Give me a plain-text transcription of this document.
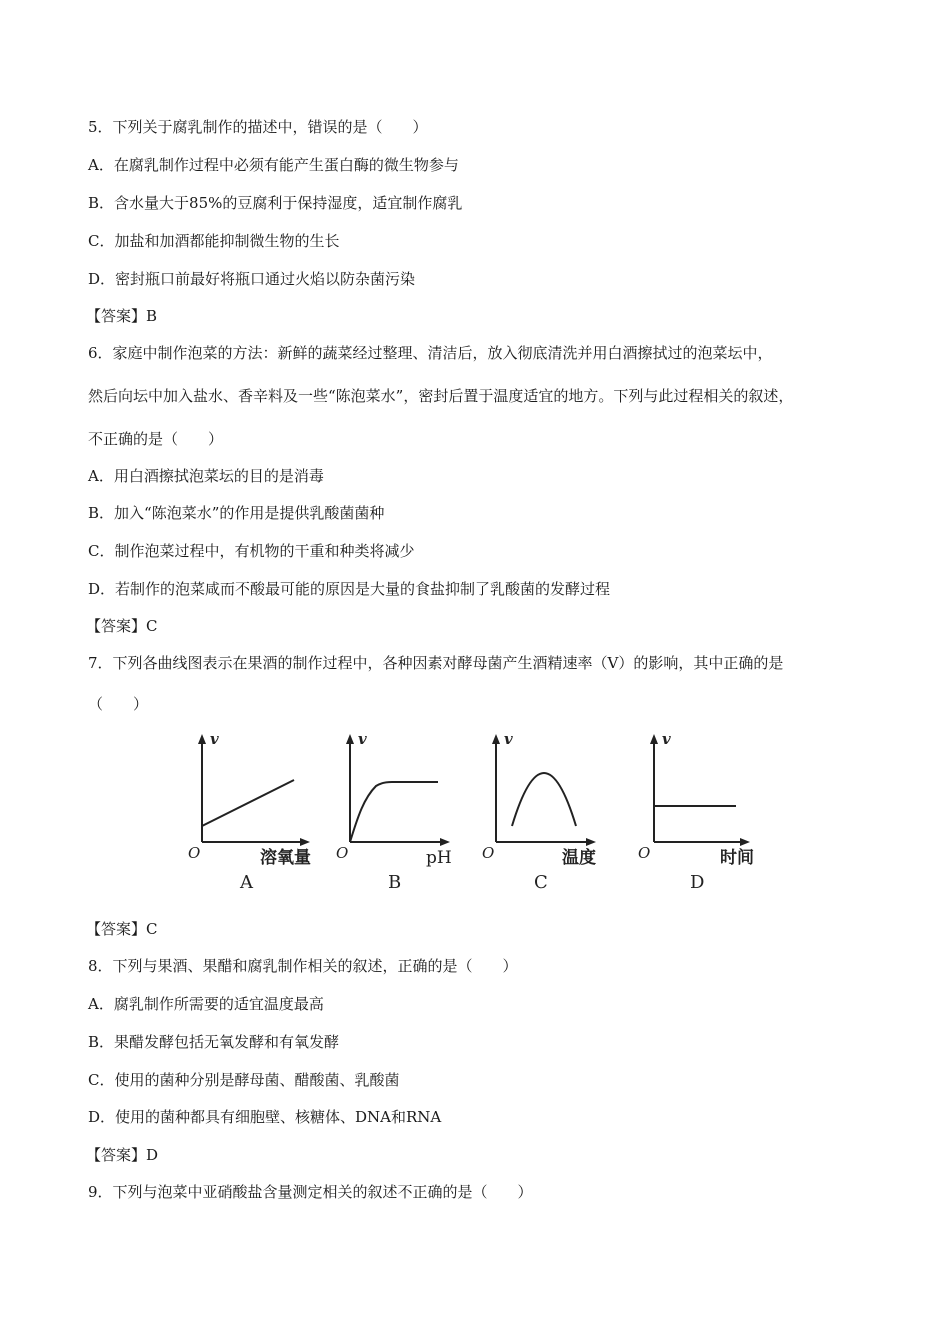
5．下列关于腐乳制作的描述中，错误的是（　　）
A．在腐乳制作过程中必须有能产生蛋白酶的微生物参与
B．含水量大于85%的豆腐利于保持湿度，适宜制作腐乳
C．加盐和加酒都能抑制微生物的生长
D．密封瓶口前最好将瓶口通过火焰以防杂菌污染
【答案】B
6．家庭中制作泡菜的方法：新鲜的蔬菜经过整理、清洁后，放入彻底清洗并用白酒擦拭过的泡菜坛中，
然后向坛中加入盐水、香辛料及一些“陈泡菜水”，密封后置于温度适宜的地方。下列与此过程相关的叙述，
不正确的是（　　）
A．用白酒擦拭泡菜坛的目的是消毒
B．加入“陈泡菜水”的作用是提供乳酸菌菌种
C．制作泡菜过程中，有机物的干重和种类将减少
D．若制作的泡菜咸而不酸最可能的原因是大量的食盐抑制了乳酸菌的发酵过程
【答案】C
7．下列各曲线图表示在果酒的制作过程中，各种因素对酵母菌产生酒精速率（V）的影响，其中正确的是
（　　）
v
O	溶氧量
A
v
O	pH
B
v
O	温度
C
v
O	时间
D
【答案】C
8．下列与果酒、果醋和腐乳制作相关的叙述，正确的是（　　）
A．腐乳制作所需要的适宜温度最高
B．果醋发酵包括无氧发酵和有氧发酵
C．使用的菌种分别是酵母菌、醋酸菌、乳酸菌
D．使用的菌种都具有细胞壁、核糖体、DNA和RNA
【答案】D
9．下列与泡菜中亚硝酸盐含量测定相关的叙述不正确的是（　　）
